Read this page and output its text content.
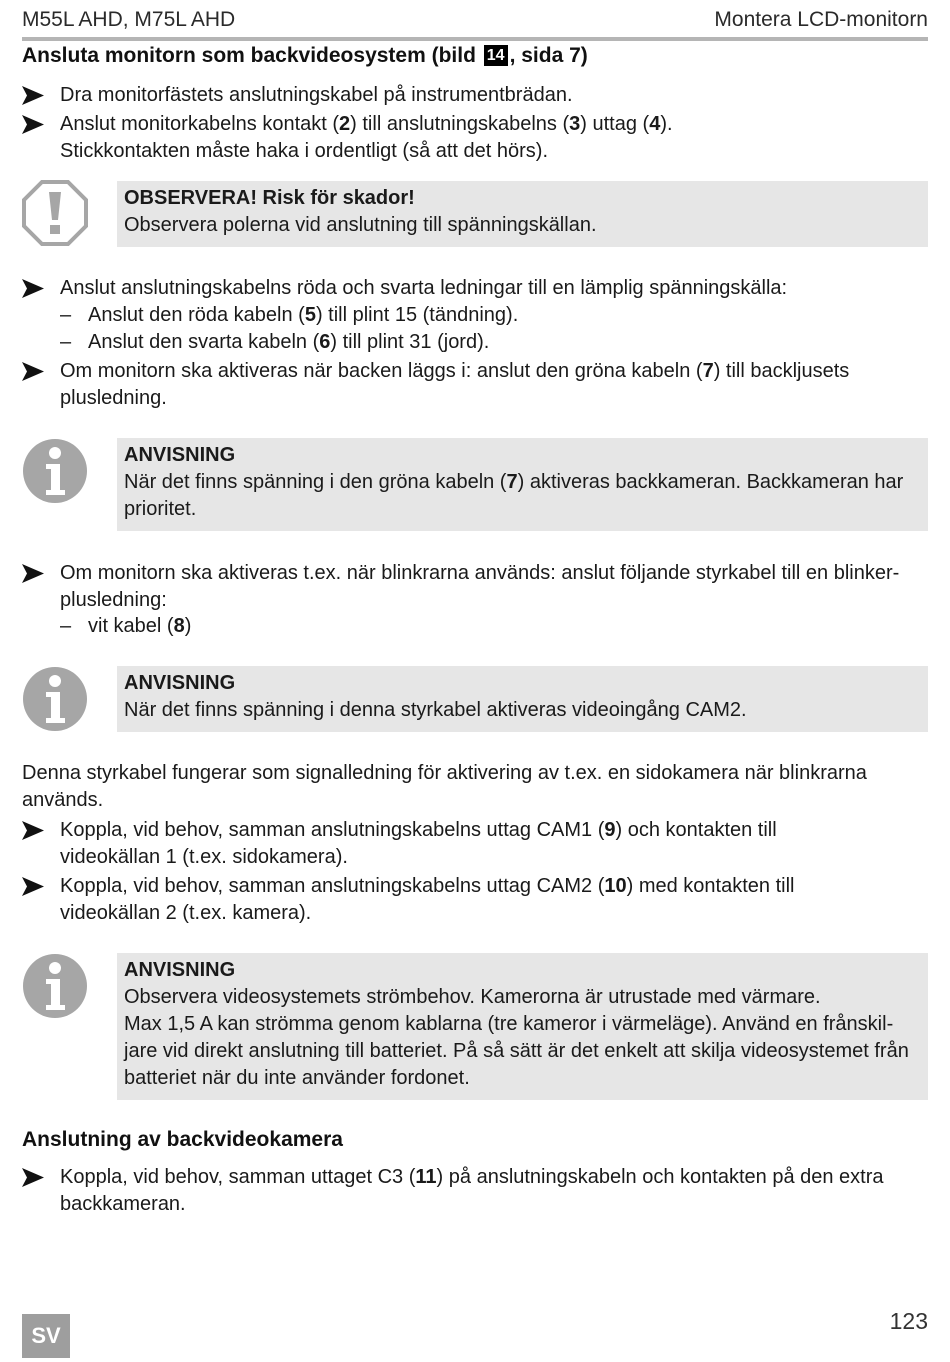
M55L AHD, M75L AHD	Montera LCD-monitorn
Ansluta monitorn som backvideosystem (bild 14 , sida 7)
Dra monitorfästets anslutningskabel på instrumentbrädan.
Anslut monitorkabelns kontakt (2) till anslutningskabelns (3) uttag (4).
Stickkontakten måste haka i ordentligt (så att det hörs).
OBSERVERA! Risk för skador!
Observera polerna vid anslutning till spänningskällan.
Anslut anslutningskabelns röda och svarta ledningar till en lämplig spänningskälla:
– Anslut den röda kabeln (5) till plint 15 (tändning).
– Anslut den svarta kabeln (6) till plint 31 (jord).
Om monitorn ska aktiveras när backen läggs i: anslut den gröna kabeln (7) till backljusets
plusledning.
ANVISNING
När det finns spänning i den gröna kabeln (7) aktiveras backkameran. Backkameran har
prioritet.
Om monitorn ska aktiveras t.ex. när blinkrarna används: anslut följande styrkabel till en blinker-
plusledning:
– vit kabel (8)
ANVISNING
När det finns spänning i denna styrkabel aktiveras videoingång CAM2.
Denna styrkabel fungerar som signalledning för aktivering av t.ex. en sidokamera när blinkrarna
används.
Koppla, vid behov, samman anslutningskabelns uttag CAM1 (9) och kontakten till
videokällan 1 (t.ex. sidokamera).
Koppla, vid behov, samman anslutningskabelns uttag CAM2 (10) med kontakten till
videokällan 2 (t.ex. kamera).
ANVISNING
Observera videosystemets strömbehov. Kamerorna är utrustade med värmare.
Max 1,5 A kan strömma genom kablarna (tre kameror i värmeläge). Använd en frånskil-
jare vid direkt anslutning till batteriet. På så sätt är det enkelt att skilja videosystemet från
batteriet när du inte använder fordonet.
Anslutning av backvideokamera
Koppla, vid behov, samman uttaget C3 (11) på anslutningskabeln och kontakten på den extra
backkameran.
SV
123
